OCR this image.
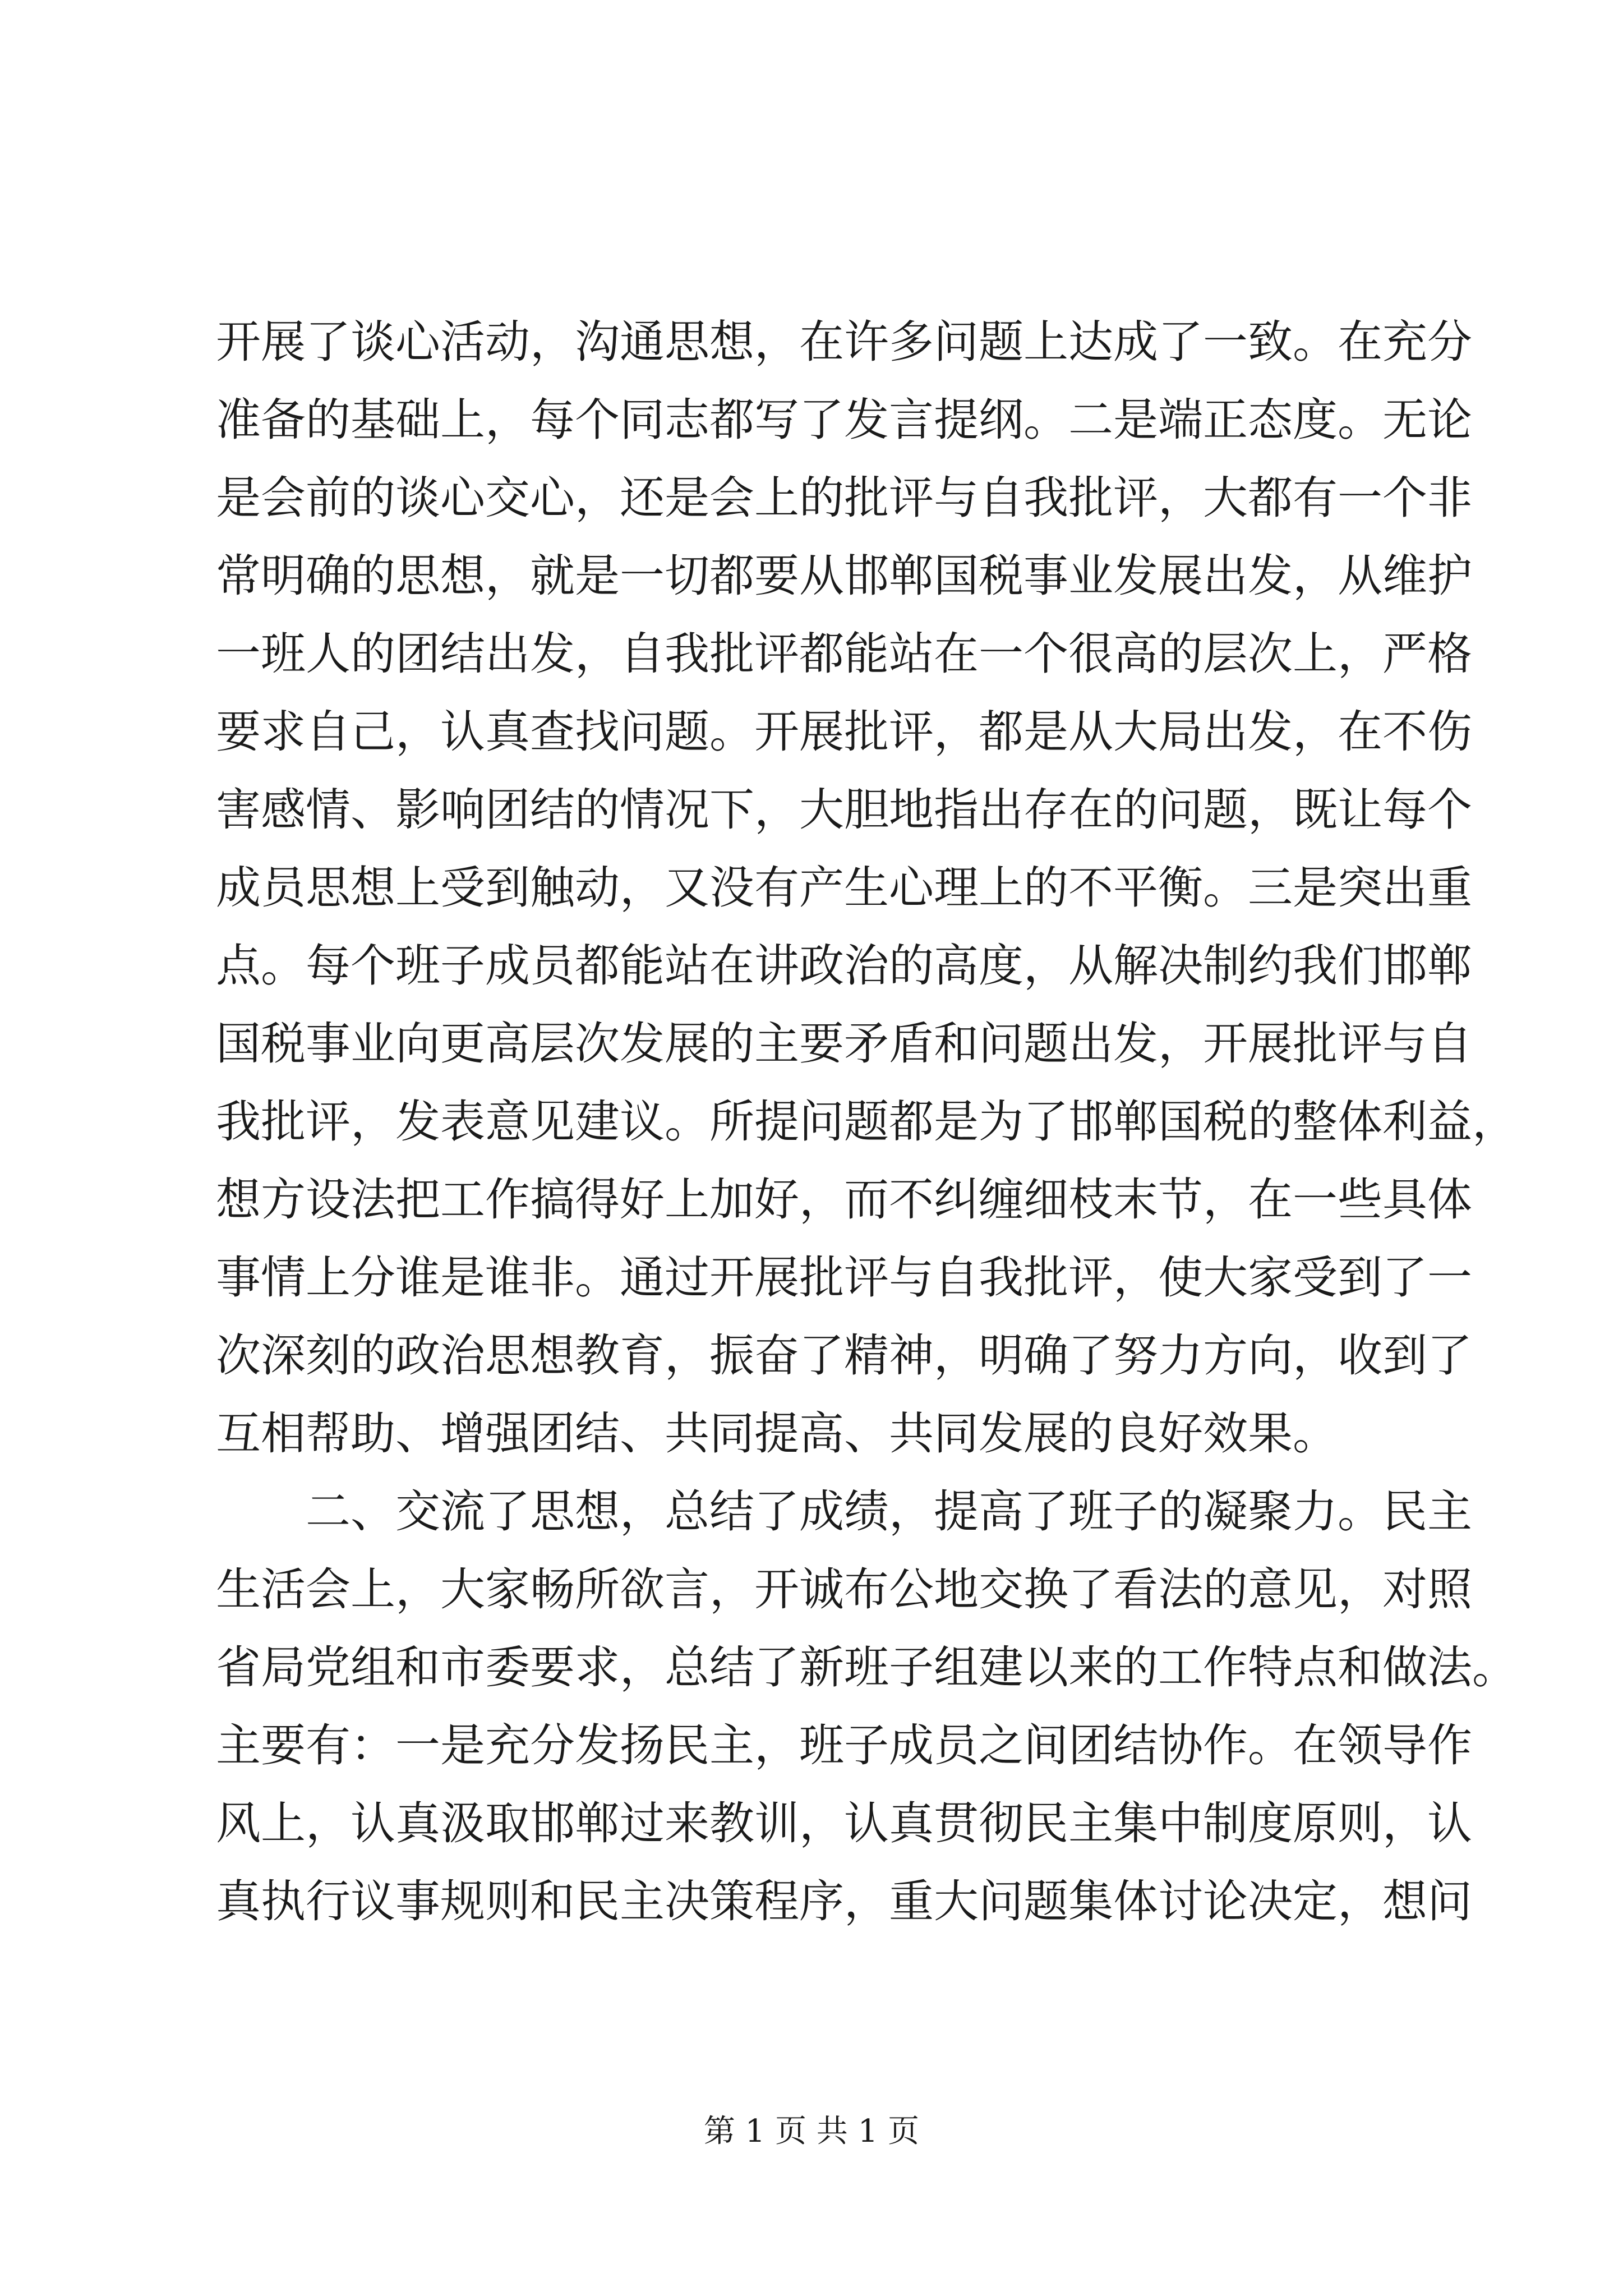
开展了谈心活动，沟通思想，在许多问题上达成了一致。在充分
准备的基础上，每个同志都写了发言提纲。二是端正态度。无论
是会前的谈心交心，还是会上的批评与自我批评，大都有一个非
常明确的思想，就是一切都要从邯郸国税事业发展出发，从维护
一班人的团结出发，自我批评都能站在一个很高的层次上，严格
要求自己，认真查找问题。开展批评，都是从大局出发，在不伤
害感情、影响团结的情况下，大胆地指出存在的问题，既让每个
成员思想上受到触动，又没有产生心理上的不平衡。三是突出重
点。每个班子成员都能站在讲政治的高度，从解决制约我们邯郸
国税事业向更高层次发展的主要矛盾和问题出发，开展批评与自
我批评，发表意见建议。所提问题都是为了邯郸国税的整体利益，
想方设法把工作搞得好上加好，而不纠缠细枝末节，在一些具体
事情上分谁是谁非。通过开展批评与自我批评，使大家受到了一
次深刻的政治思想教育，振奋了精神，明确了努力方向，收到了
互相帮助、增强团结、共同提高、共同发展的良好效果。
　　二、交流了思想，总结了成绩，提高了班子的凝聚力。民主
生活会上，大家畅所欲言，开诚布公地交换了看法的意见，对照
省局党组和市委要求，总结了新班子组建以来的工作特点和做法。
主要有：一是充分发扬民主，班子成员之间团结协作。在领导作
风上，认真汲取邯郸过来教训，认真贯彻民主集中制度原则，认
真执行议事规则和民主决策程序，重大问题集体讨论决定，想问
第 1 页 共 1 页
